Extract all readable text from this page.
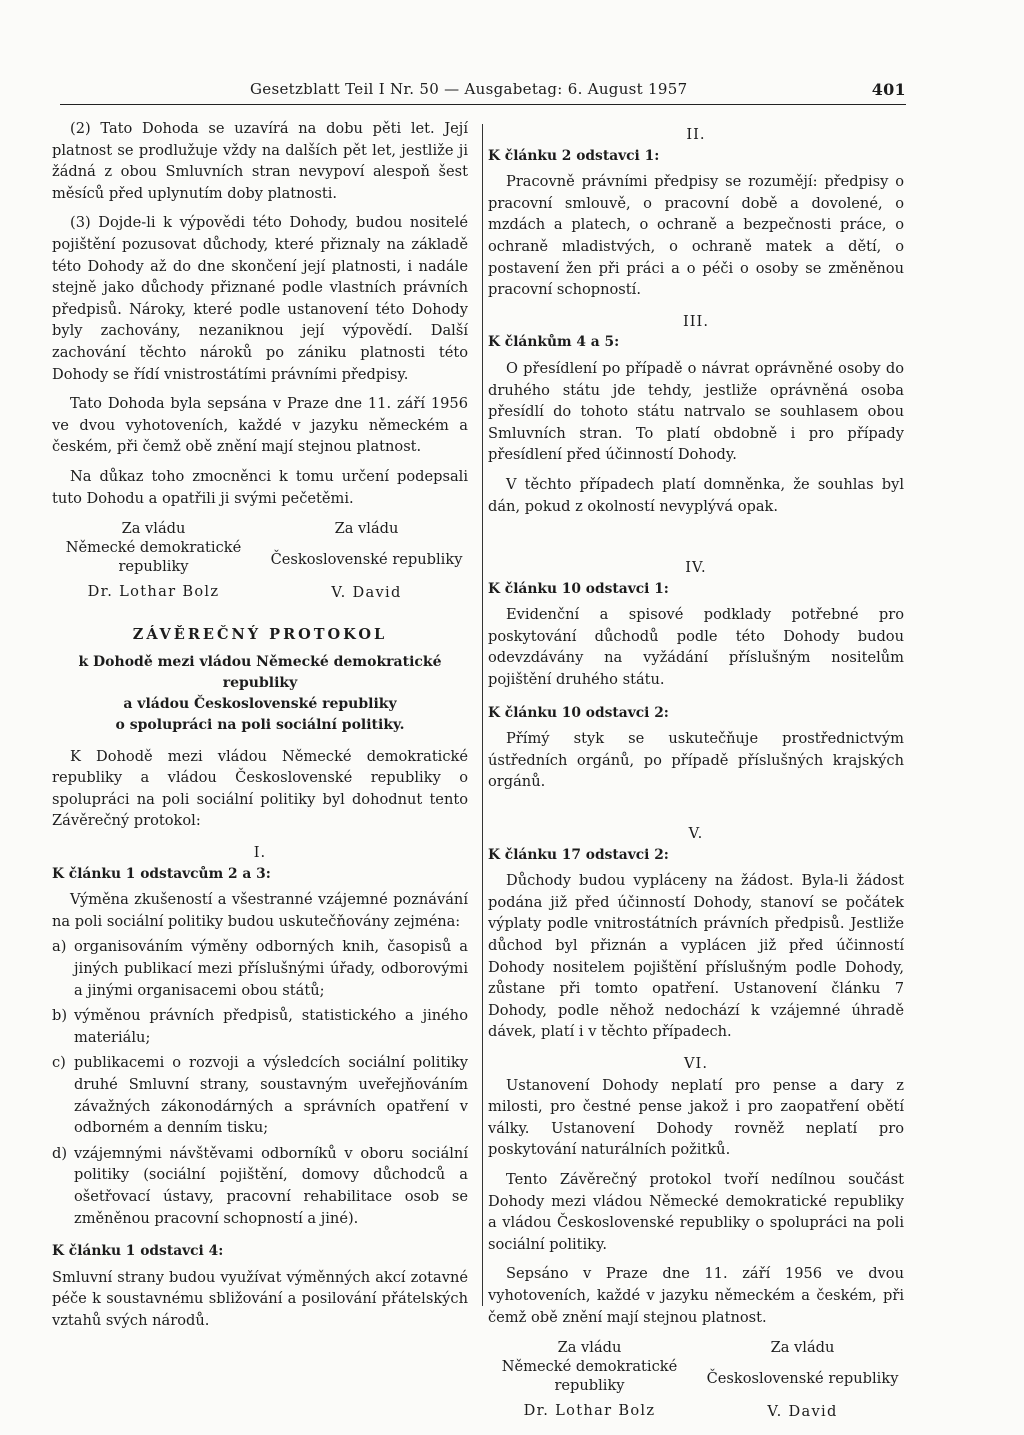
Gesetzblatt Teil I Nr. 50 — Ausgabetag: 6. August 1957	401

(2) Tato Dohoda se uzavírá na dobu pěti let. Její platnost se prodlužuje vždy na dalších pět let, jestliže ji žádná z obou Smluvních stran nevypoví alespoň šest měsíců před uplynutím doby platnosti.

(3) Dojde-li k výpovědi této Dohody, budou nositelé pojištění pozusovat důchody, které přiznaly na základě této Dohody až do dne skončení její platnosti, i nadále stejně jako důchody přiznané podle vlastních právních předpisů. Nároky, které podle ustanovení této Dohody byly zachovány, nezaniknou její výpovědí. Další zachování těchto nároků po zániku platnosti této Dohody se řídí vnistrostátími právními předpisy.

Tato Dohoda byla sepsána v Praze dne 11. září 1956 ve dvou vyhotoveních, každé v jazyku německém a českém, při čemž obě znění mají stejnou platnost.

Na důkaz toho zmocněnci k tomu určení podepsali tuto Dohodu a opatřili ji svými pečetěmi.

Za vládu
Německé demokratické
republiky
Dr. Lothar Bolz
Za vládu
Československé republiky
V. David
ZÁVĚREČNÝ PROTOKOL
k Dohodě mezi vládou Německé demokratické republiky
a vládou Československé republiky
o spolupráci na poli sociální politiky.

K Dohodě mezi vládou Německé demokratické republiky a vládou Československé republiky o spolupráci na poli sociální politiky byl dohodnut tento Závěrečný protokol:

I.
K článku 1 odstavcům 2 a 3:

Výměna zkušeností a všestranné vzájemné poznávání na poli sociální politiky budou uskutečňovány zejména:

a) organisováním výměny odborných knih, časopisů a jiných publikací mezi příslušnými úřady, odborovými a jinými organisacemi obou států;
b) výměnou právních předpisů, statistického a jiného materiálu;
c) publikacemi o rozvoji a výsledcích sociální politiky druhé Smluvní strany, soustavným uveřejňováním závažných zákonodárných a správních opatření v odborném a denním tisku;
d) vzájemnými návštěvami odborníků v oboru sociální politiky (sociální pojištění, domovy důchodců a ošetřovací ústavy, pracovní rehabilitace osob se změněnou pracovní schopností a jiné).
K článku 1 odstavci 4:

Smluvní strany budou využívat výměnných akcí zotavné péče k soustavnému sbližování a posilování přátelských vztahů svých národů.

II.
K článku 2 odstavci 1:

Pracovně právními předpisy se rozumějí: předpisy o pracovní smlouvě, o pracovní době a dovolené, o mzdách a platech, o ochraně a bezpečnosti práce, o ochraně mladistvých, o ochraně matek a dětí, o postavení žen při práci a o péči o osoby se změněnou pracovní schopností.

III.
K článkům 4 a 5:

O přesídlení po případě o návrat oprávněné osoby do druhého státu jde tehdy, jestliže oprávněná osoba přesídlí do tohoto státu natrvalo se souhlasem obou Smluvních stran. To platí obdobně i pro případy přesídlení před účinností Dohody.

V těchto případech platí domněnka, že souhlas byl dán, pokud z okolností nevyplývá opak.

IV.
K článku 10 odstavci 1:

Evidenční a spisové podklady potřebné pro poskytování důchodů podle této Dohody budou odevzdávány na vyžádání příslušným nositelům pojištění druhého státu.

K článku 10 odstavci 2:

Přímý styk se uskutečňuje prostřednictvým ústředních orgánů, po případě příslušných krajských orgánů.

V.
K článku 17 odstavci 2:

Důchody budou vypláceny na žádost. Byla-li žádost podána již před účinností Dohody, stanoví se počátek výplaty podle vnitrostátních právních předpisů. Jestliže důchod byl přiznán a vyplácen již před účinností Dohody nositelem pojištění příslušným podle Dohody, zůstane při tomto opatření. Ustanovení článku 7 Dohody, podle něhož nedochází k vzájemné úhradě dávek, platí i v těchto případech.

VI.

Ustanovení Dohody neplatí pro pense a dary z milosti, pro čestné pense jakož i pro zaopatření obětí války. Ustanovení Dohody rovněž neplatí pro poskytování naturálních požitků.

Tento Závěrečný protokol tvoří nedílnou součást Dohody mezi vládou Německé demokratické republiky a vládou Československé republiky o spolupráci na poli sociální politiky.

Sepsáno v Praze dne 11. září 1956 ve dvou vyhotoveních, každé v jazyku německém a českém, při čemž obě znění mají stejnou platnost.

Za vládu
Německé demokratické
republiky
Dr. Lothar Bolz
Za vládu
Československé republiky
V. David
